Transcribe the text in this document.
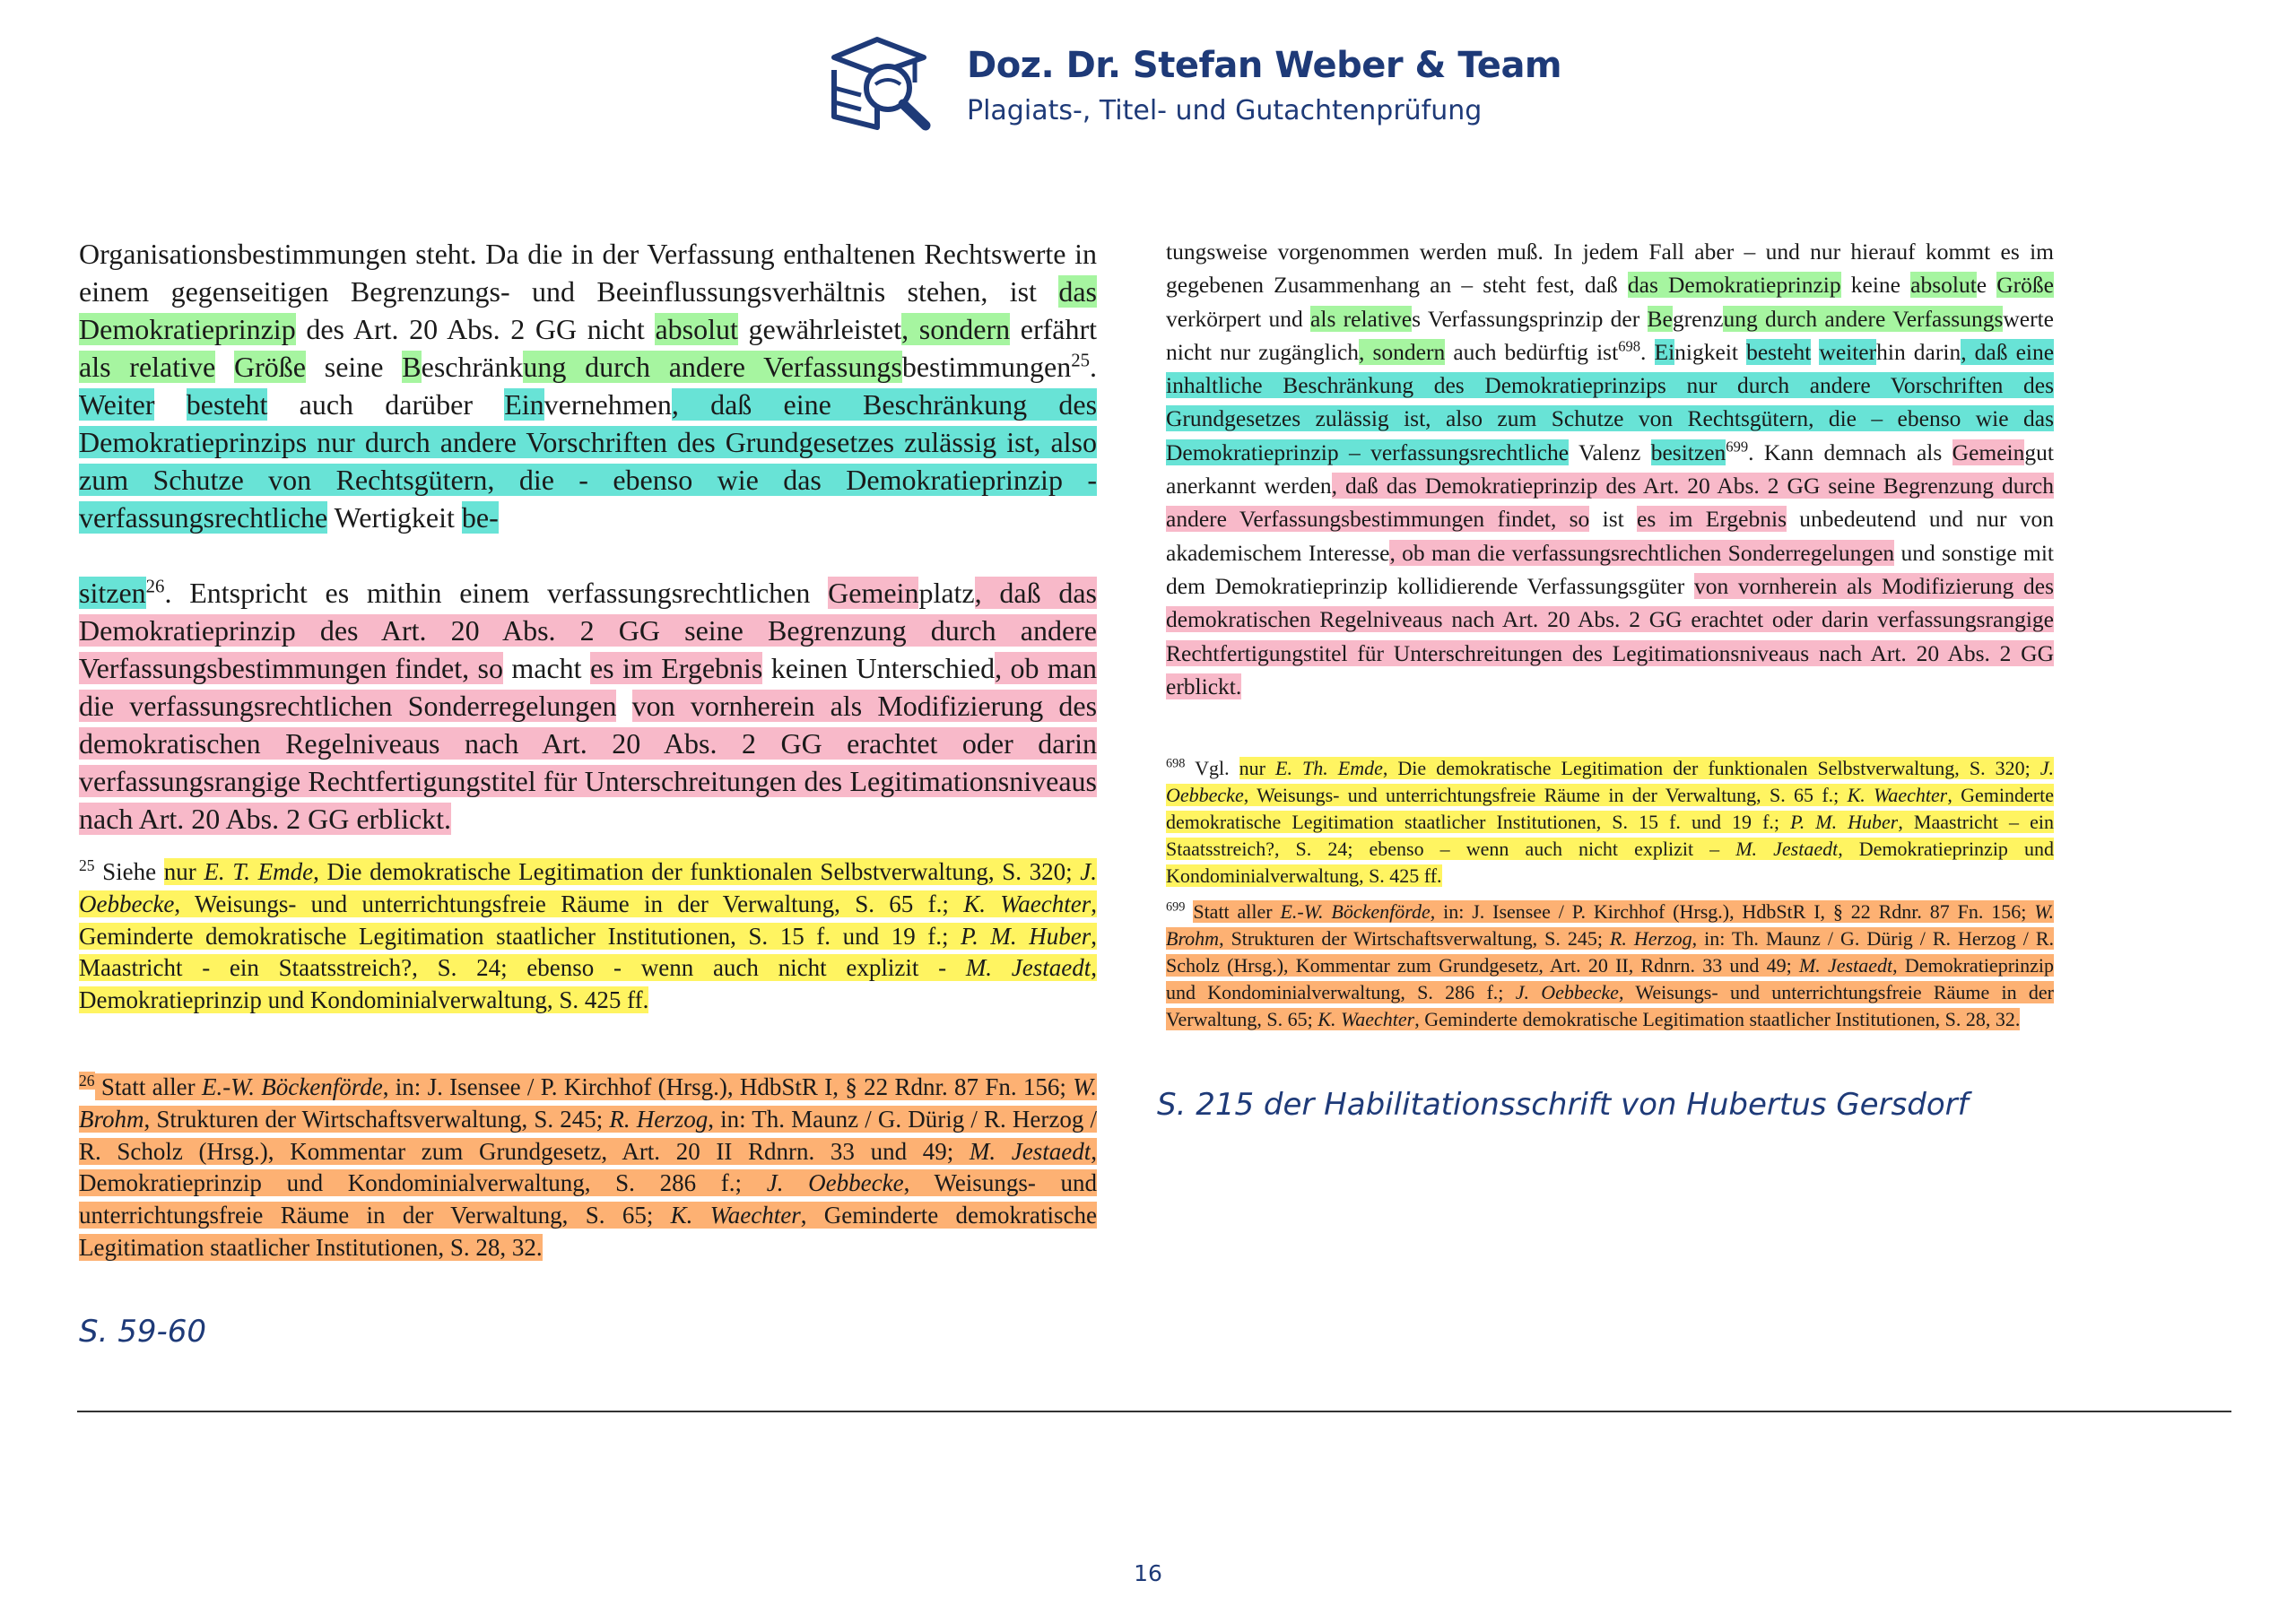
Doz. Dr. Stefan Weber & Team
Plagiats-, Titel- und Gutachtenprüfung

Organisationsbestimmungen steht. Da die in der Verfassung enthaltenen Rechtswerte in einem gegenseitigen Begrenzungs- und Beeinflussungsverhältnis stehen, ist das Demokratieprinzip des Art. 20 Abs. 2 GG nicht absolut gewährleistet, sondern erfährt als relative Größe seine Beschränkung durch andere Verfassungsbestimmungen$^{25}$. Weiter besteht auch darüber Einvernehmen, daß eine Beschränkung des Demokratieprinzips nur durch andere Vorschriften des Grundgesetzes zulässig ist, also zum Schutze von Rechtsgütern, die - ebenso wie das Demokratieprinzip - verfassungsrechtliche Wertigkeit be-

sitzen$^{26}$. Entspricht es mithin einem verfassungsrechtlichen Gemeinplatz, daß das Demokratieprinzip des Art. 20 Abs. 2 GG seine Begrenzung durch andere Verfassungsbestimmungen findet, so macht es im Ergebnis keinen Unterschied, ob man die verfassungsrechtlichen Sonderregelungen von vornherein als Modifizierung des demokratischen Regelniveaus nach Art. 20 Abs. 2 GG erachtet oder darin verfassungsrangige Rechtfertigungstitel für Unterschreitungen des Legitimationsniveaus nach Art. 20 Abs. 2 GG erblickt.

$^{25}$ Siehe nur E. T. Emde, Die demokratische Legitimation der funktionalen Selbstverwaltung, S. 320; J. Oebbecke, Weisungs- und unterrichtungsfreie Räume in der Verwaltung, S. 65 f.; K. Waechter, Geminderte demokratische Legitimation staatlicher Institutionen, S. 15 f. und 19 f.; P. M. Huber, Maastricht - ein Staatsstreich?, S. 24; ebenso - wenn auch nicht explizit - M. Jestaedt, Demokratieprinzip und Kondominialverwaltung, S. 425 ff.
$^{26}$ Statt aller E.-W. Böckenförde, in: J. Isensee / P. Kirchhof (Hrsg.), HdbStR I, § 22 Rdnr. 87 Fn. 156; W. Brohm, Strukturen der Wirtschaftsverwaltung, S. 245; R. Herzog, in: Th. Maunz / G. Dürig / R. Herzog / R. Scholz (Hrsg.), Kommentar zum Grundgesetz, Art. 20 II Rdnrn. 33 und 49; M. Jestaedt, Demokratieprinzip und Kondominialverwaltung, S. 286 f.; J. Oebbecke, Weisungs- und unterrichtungsfreie Räume in der Verwaltung, S. 65; K. Waechter, Geminderte demokratische Legitimation staatlicher Institutionen, S. 28, 32.
S. 59-60

tungsweise vorgenommen werden muß. In jedem Fall aber – und nur hierauf kommt es im gegebenen Zusammenhang an – steht fest, daß das Demokratieprinzip keine absolute Größe verkörpert und als relatives Verfassungsprinzip der Begrenzung durch andere Verfassungswerte nicht nur zugänglich, sondern auch bedürftig ist$^{698}$. Einigkeit besteht weiterhin darin, daß eine inhaltliche Beschränkung des Demokratieprinzips nur durch andere Vorschriften des Grundgesetzes zulässig ist, also zum Schutze von Rechtsgütern, die – ebenso wie das Demokratieprinzip – verfassungsrechtliche Valenz besitzen$^{699}$. Kann demnach als Gemeingut anerkannt werden, daß das Demokratieprinzip des Art. 20 Abs. 2 GG seine Begrenzung durch andere Verfassungsbestimmungen findet, so ist es im Ergebnis unbedeutend und nur von akademischem Interesse, ob man die verfassungsrechtlichen Sonderregelungen und sonstige mit dem Demokratieprinzip kollidierende Verfassungsgüter von vornherein als Modifizierung des demokratischen Regelniveaus nach Art. 20 Abs. 2 GG erachtet oder darin verfassungsrangige Rechtfertigungstitel für Unterschreitungen des Legitimationsniveaus nach Art. 20 Abs. 2 GG erblickt.

$^{698}$ Vgl. nur E. Th. Emde, Die demokratische Legitimation der funktionalen Selbstverwaltung, S. 320; J. Oebbecke, Weisungs- und unterrichtungsfreie Räume in der Verwaltung, S. 65 f.; K. Waechter, Geminderte demokratische Legitimation staatlicher Institutionen, S. 15 f. und 19 f.; P. M. Huber, Maastricht – ein Staatsstreich?, S. 24; ebenso – wenn auch nicht explizit – M. Jestaedt, Demokratieprinzip und Kondominialverwaltung, S. 425 ff.
$^{699}$ Statt aller E.-W. Böckenförde, in: J. Isensee / P. Kirchhof (Hrsg.), HdbStR I, § 22 Rdnr. 87 Fn. 156; W. Brohm, Strukturen der Wirtschaftsverwaltung, S. 245; R. Herzog, in: Th. Maunz / G. Dürig / R. Herzog / R. Scholz (Hrsg.), Kommentar zum Grundgesetz, Art. 20 II, Rdnrn. 33 und 49; M. Jestaedt, Demokratieprinzip und Kondominialverwaltung, S. 286 f.; J. Oebbecke, Weisungs- und unterrichtungsfreie Räume in der Verwaltung, S. 65; K. Waechter, Geminderte demokratische Legitimation staatlicher Institutionen, S. 28, 32.
S. 215 der Habilitationsschrift von Hubertus Gersdorf
16
